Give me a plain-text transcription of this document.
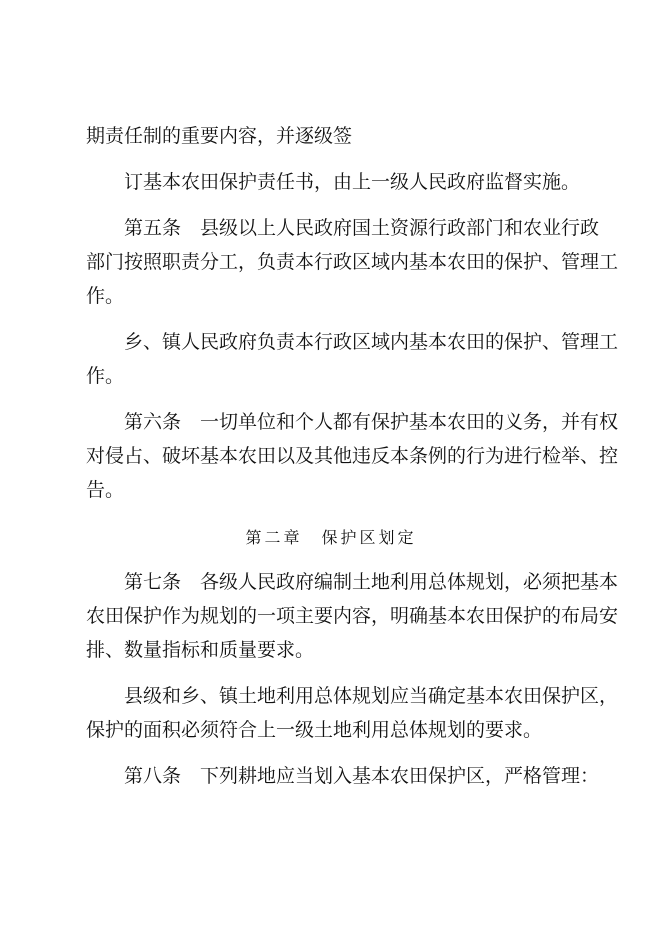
期责任制的重要内容，并逐级签
订基本农田保护责任书，由上一级人民政府监督实施。
第五条　县级以上人民政府国土资源行政部门和农业行政
部门按照职责分工，负责本行政区域内基本农田的保护、管理工
作。
乡、镇人民政府负责本行政区域内基本农田的保护、管理工
作。
第六条　一切单位和个人都有保护基本农田的义务，并有权
对侵占、破坏基本农田以及其他违反本条例的行为进行检举、控
告。
第二章　保护区划定
第七条　各级人民政府编制土地利用总体规划，必须把基本
农田保护作为规划的一项主要内容，明确基本农田保护的布局安
排、数量指标和质量要求。
县级和乡、镇土地利用总体规划应当确定基本农田保护区，
保护的面积必须符合上一级土地利用总体规划的要求。
第八条　下列耕地应当划入基本农田保护区，严格管理：
